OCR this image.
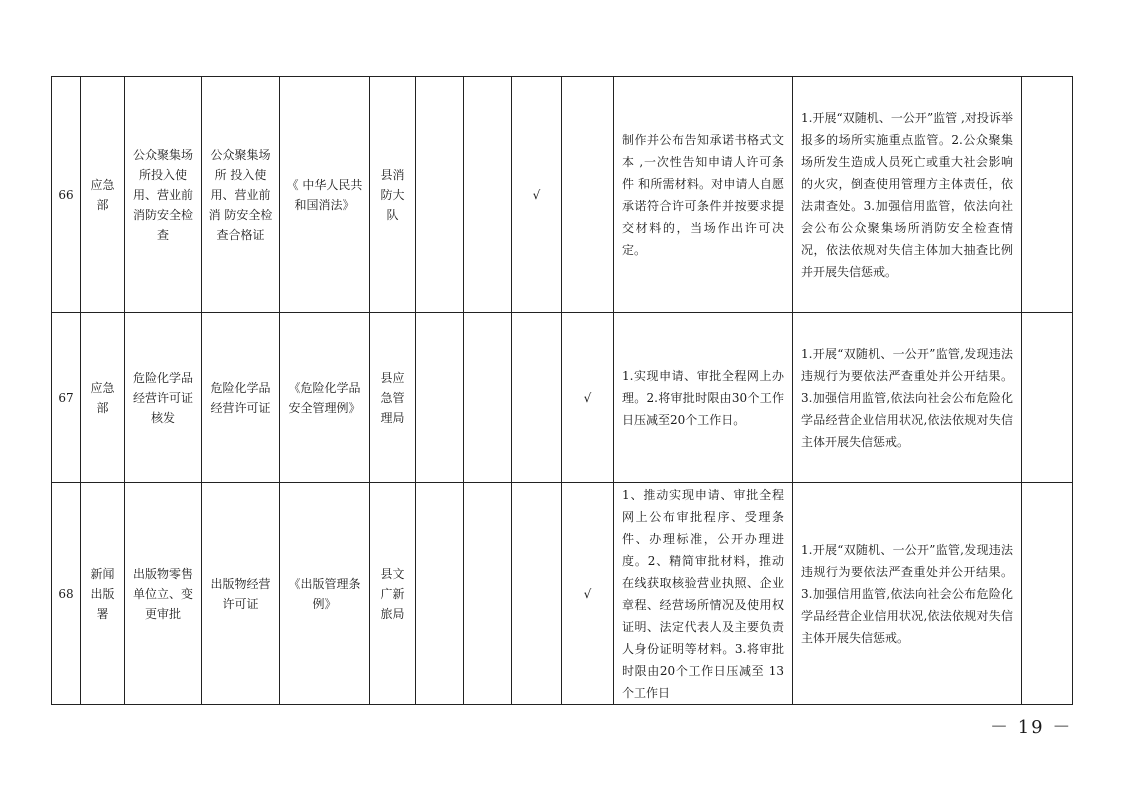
66	应急部	公众聚集场所投入使用、营业前消防安全检查	公众聚集场所 投入使用、营业前消 防安全检查合格证	《 中华人民共和国消法》	县消防大队			√		制作并公布告知承诺书格式文本 ,一次性告知申请人许可条件 和所需材料。对申请人自愿承诺符合许可条件并按要求提交材料的，当场作出许可决定。	1.开展“双随机、一公开”监管 ,对投诉举报多的场所实施重点监管。2.公众聚集场所发生造成人员死亡或重大社会影响的火灾，倒查使用管理方主体责任，依法肃查处。3.加强信用监管，依法向社会公布公众聚集场所消防安全检查情况，依法依规对失信主体加大抽查比例并开展失信惩戒。	
67	应急部	危险化学品经营许可证核发	危险化学品经营许可证	《危险化学品安全管理例》	县应急管理局				√	1.实现申请、审批全程网上办理。2.将审批时限由30个工作日压减至20个工作日。	1.开展“双随机、一公开”监管,发现违法违规行为要依法严查重处并公开结果。3.加强信用监管,依法向社会公布危险化学品经营企业信用状况,依法依规对失信主体开展失信惩戒。	
68	新闻出版署	出版物零售单位立、变更审批	出版物经营许可证	《出版管理条例》	县文广新旅局				√	1、推动实现申请、审批全程网上公布审批程序、受理条件、办理标准，公开办理进度。2、精简审批材料，推动在线获取核验营业执照、企业章程、经营场所情况及使用权证明、法定代表人及主要负责人身份证明等材料。3.将审批时限由20个工作日压减至 13 个工作日	1.开展“双随机、一公开”监管,发现违法违规行为要依法严查重处并公开结果。3.加强信用监管,依法向社会公布危险化学品经营企业信用状况,依法依规对失信主体开展失信惩戒。	
－ 19 －
